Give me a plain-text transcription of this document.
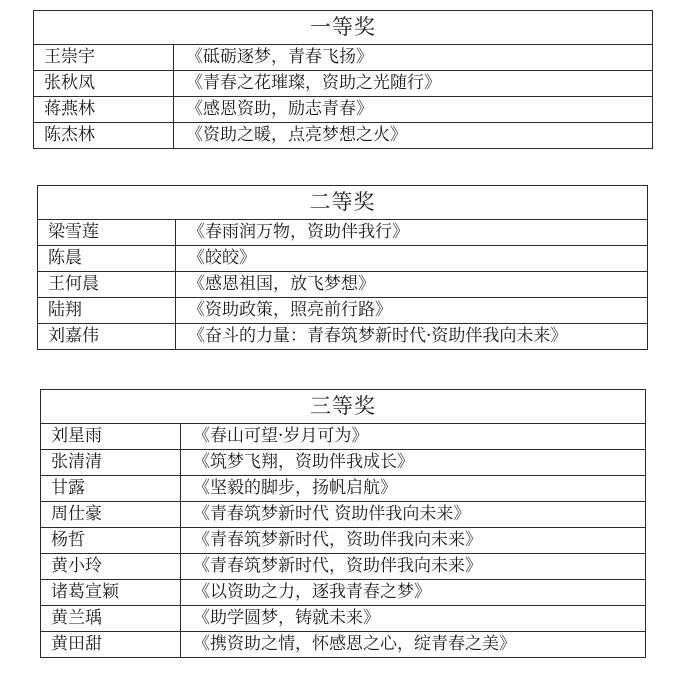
一等奖	
王崇宇	《砥砺逐梦，青春飞扬》
张秋凤	《青春之花璀璨，资助之光随行》
蒋燕林	《感恩资助，励志青春》
陈杰林	《资助之暖，点亮梦想之火》
二等奖	
梁雪莲	《春雨润万物，资助伴我行》
陈晨	《皎皎》
王何晨	《感恩祖国，放飞梦想》
陆翔	《资助政策，照亮前行路》
刘嘉伟	《奋斗的力量：青春筑梦新时代·资助伴我向未来》
三等奖	
刘星雨	《春山可望·岁月可为》
张清清	《筑梦飞翔，资助伴我成长》
甘露	《坚毅的脚步，扬帆启航》
周仕豪	《青春筑梦新时代 资助伴我向未来》
杨哲	《青春筑梦新时代，资助伴我向未来》
黄小玲	《青春筑梦新时代，资助伴我向未来》
诸葛宣颖	《以资助之力，逐我青春之梦》
黄兰瑀	《助学圆梦，铸就未来》
黄田甜	《携资助之情，怀感恩之心，绽青春之美》
